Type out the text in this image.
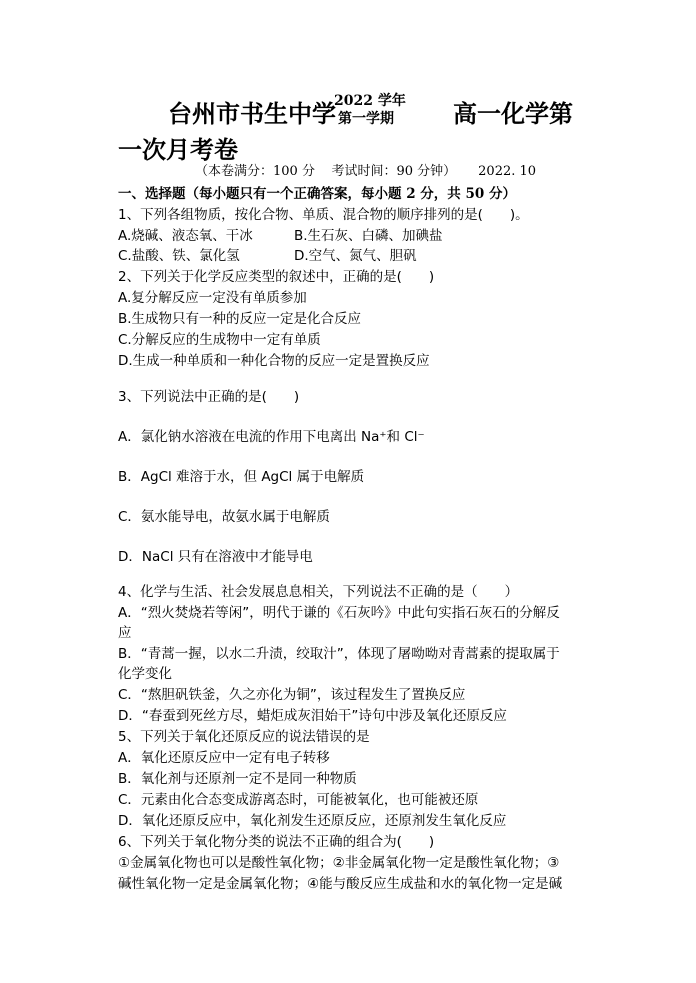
台州市书生中学
2022 学年
第一学期 高一化学第
一次月考卷
（本卷满分：100 分    考试时间：90 分钟） 2022. 10
一、选择题（每小题只有一个正确答案，每小题 2 分，共 50 分）
1、下列各组物质，按化合物、单质、混合物的顺序排列的是(　　)。
A.烧碱、液态氧、干冰	B.生石灰、白磷、加碘盐
C.盐酸、铁、氯化氢	D.空气、氮气、胆矾
2、下列关于化学反应类型的叙述中，正确的是(　　)
A.复分解反应一定没有单质参加
B.生成物只有一种的反应一定是化合反应
C.分解反应的生成物中一定有单质
D.生成一种单质和一种化合物的反应一定是置换反应
3、下列说法中正确的是(　　)
A．氯化钠水溶液在电流的作用下电离出 Na⁺和 Cl⁻
B．AgCl 难溶于水，但 AgCl 属于电解质
C．氨水能导电，故氨水属于电解质
D．NaCl 只有在溶液中才能导电
4、化学与生活、社会发展息息相关，下列说法不正确的是（　　）
A．“烈火焚烧若等闲”，明代于谦的《石灰吟》中此句实指石灰石的分解反
应
B．“青蒿一握，以水二升渍，绞取汁”，体现了屠呦呦对青蒿素的提取属于
化学变化
C．“熬胆矾铁釜，久之亦化为铜”，该过程发生了置换反应
D．“春蚕到死丝方尽，蜡炬成灰泪始干”诗句中涉及氧化还原反应
5、下列关于氧化还原反应的说法错误的是
A．氧化还原反应中一定有电子转移
B．氧化剂与还原剂一定不是同一种物质
C．元素由化合态变成游离态时，可能被氧化，也可能被还原
D．氧化还原反应中，氧化剂发生还原反应，还原剂发生氧化反应
6、下列关于氧化物分类的说法不正确的组合为(　　)
①金属氧化物也可以是酸性氧化物；②非金属氧化物一定是酸性氧化物；③
碱性氧化物一定是金属氧化物；④能与酸反应生成盐和水的氧化物一定是碱
